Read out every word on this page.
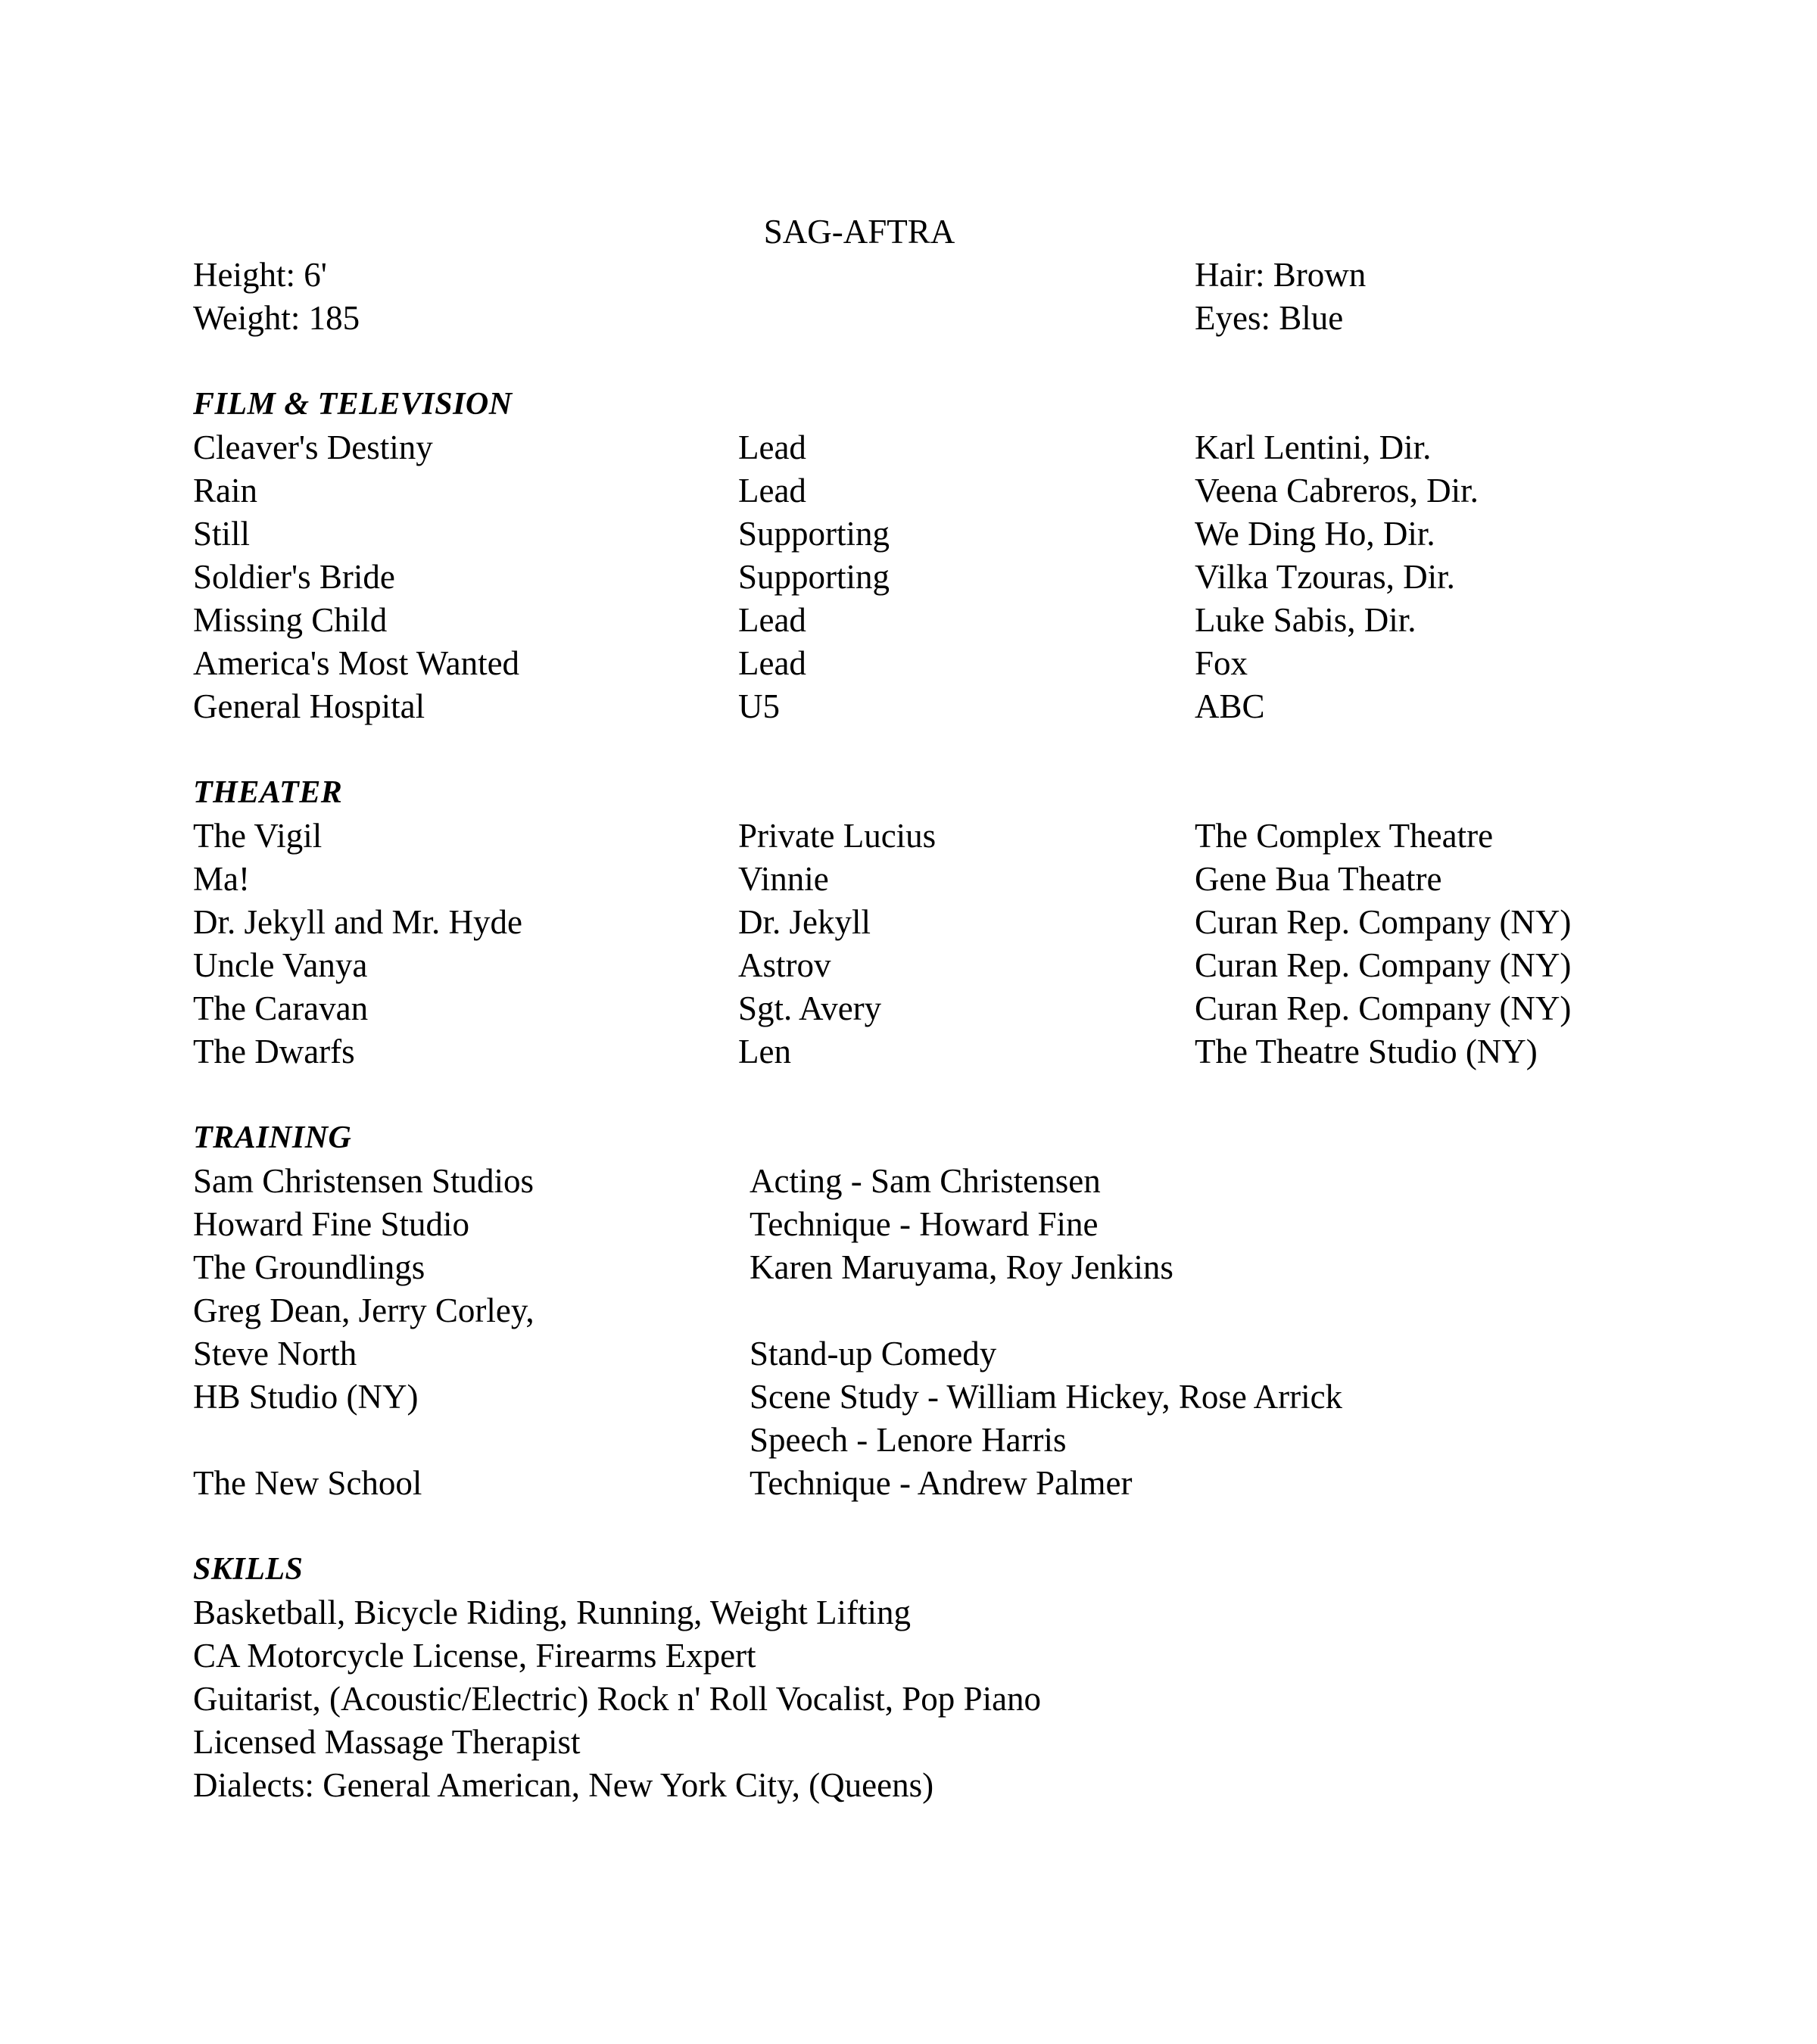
SAG-AFTRA
Height: 6'	Hair: Brown
Weight: 185	Eyes: Blue
FILM & TELEVISION
Cleaver's Destiny	Lead	Karl Lentini, Dir.
Rain	Lead	Veena Cabreros, Dir.
Still	Supporting	We Ding Ho, Dir.
Soldier's Bride	Supporting	Vilka Tzouras, Dir.
Missing Child	Lead	Luke Sabis, Dir.
America's Most Wanted	Lead	Fox
General Hospital	U5	ABC
THEATER
The Vigil	Private Lucius	The Complex Theatre
Ma!	Vinnie	Gene Bua Theatre
Dr. Jekyll and Mr. Hyde	Dr. Jekyll	Curan Rep. Company (NY)
Uncle Vanya	Astrov	Curan Rep. Company (NY)
The Caravan	Sgt. Avery	Curan Rep. Company (NY)
The Dwarfs	Len	The Theatre Studio (NY)
TRAINING
Sam Christensen Studios	Acting - Sam Christensen
Howard Fine Studio	Technique - Howard Fine
The Groundlings	Karen Maruyama, Roy Jenkins
Greg Dean, Jerry Corley,
Steve North	Stand-up Comedy
HB Studio (NY)	Scene Study - William Hickey, Rose Arrick
Speech - Lenore Harris
The New School	Technique - Andrew Palmer
SKILLS
Basketball, Bicycle Riding, Running, Weight Lifting
CA Motorcycle License, Firearms Expert
Guitarist, (Acoustic/Electric) Rock n' Roll Vocalist, Pop Piano
Licensed Massage Therapist
Dialects: General American, New York City, (Queens)
